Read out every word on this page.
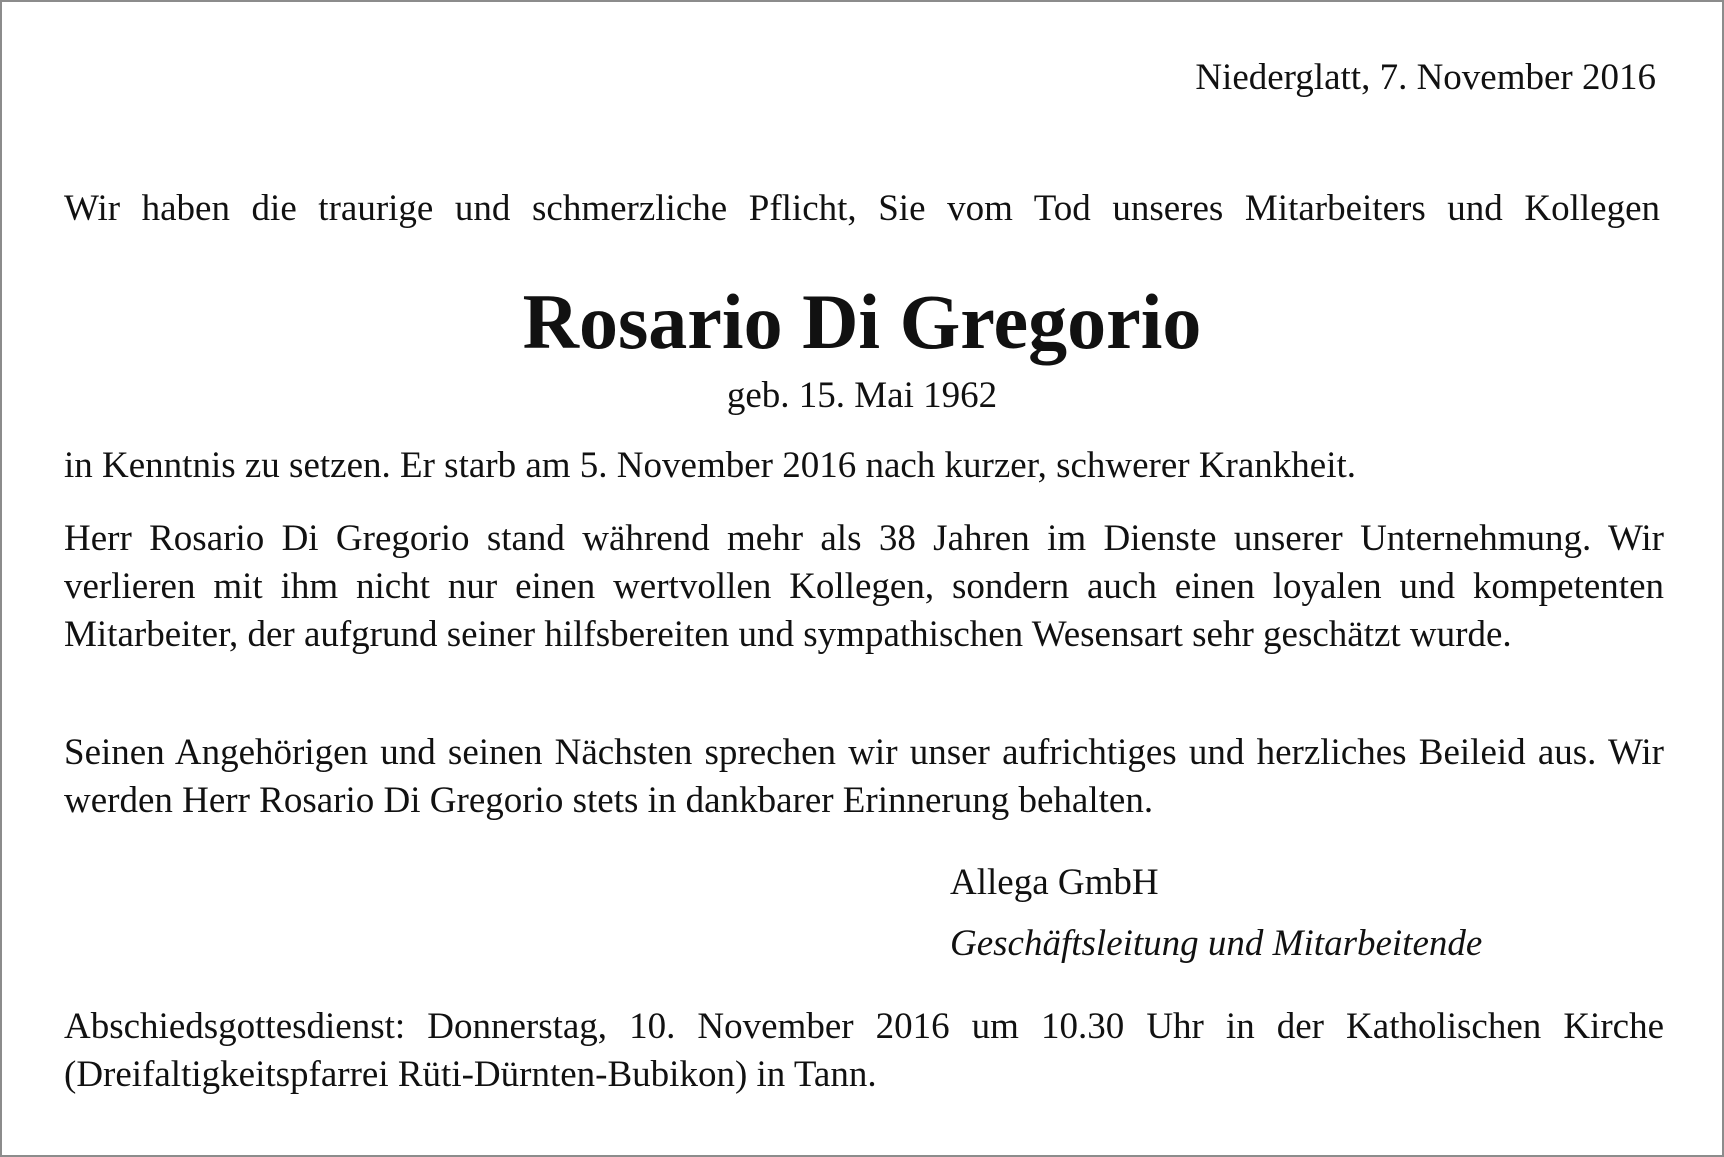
Niederglatt, 7. November 2016

Wir haben die traurige und schmerzliche Pflicht, Sie vom Tod unseres Mitarbeiters und Kollegen

Rosario Di Gregorio

geb. 15. Mai 1962

in Kenntnis zu setzen. Er starb am 5. November 2016 nach kurzer, schwerer Krankheit.

Herr Rosario Di Gregorio stand während mehr als 38 Jahren im Dienste unserer Unternehmung. Wir verlieren mit ihm nicht nur einen wertvollen Kollegen, sondern auch einen loyalen und kompetenten Mitarbeiter, der aufgrund seiner hilfsbereiten und sympathischen Wesensart sehr geschätzt wurde.

Seinen Angehörigen und seinen Nächsten sprechen wir unser aufrichtiges und herzliches Beileid aus. Wir werden Herr Rosario Di Gregorio stets in dankbarer Erinnerung behalten.

Allega GmbH

Geschäftsleitung und Mitarbeitende

Abschiedsgottesdienst: Donnerstag, 10. November 2016 um 10.30 Uhr in der Katholischen Kirche (Dreifaltigkeitspfarrei Rüti-Dürnten-Bubikon) in Tann.
